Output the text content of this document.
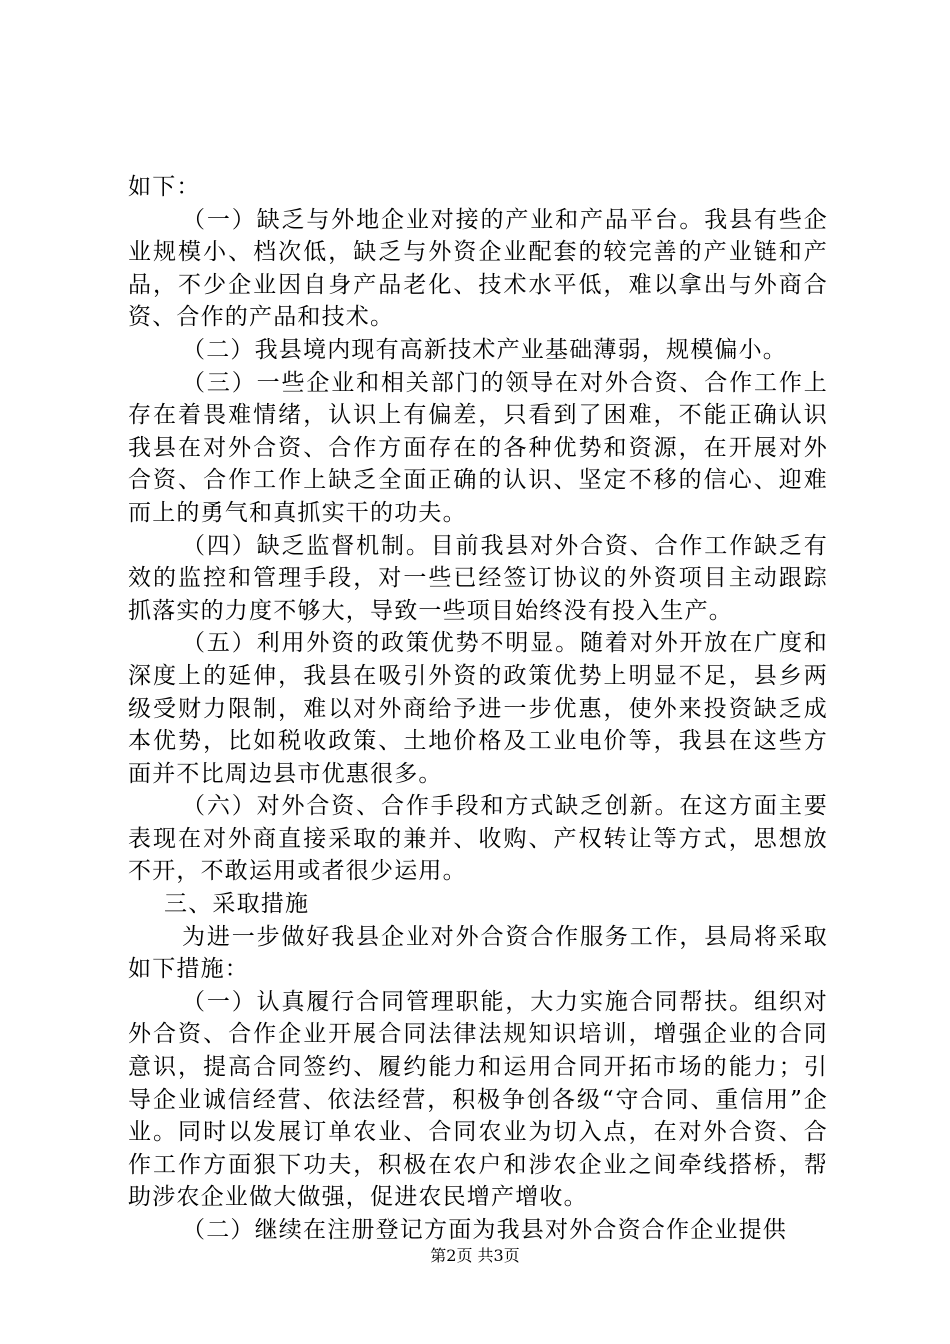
如下：

（一）缺乏与外地企业对接的产业和产品平台。我县有些企业规模小、档次低，缺乏与外资企业配套的较完善的产业链和产品，不少企业因自身产品老化、技术水平低，难以拿出与外商合资、合作的产品和技术。

（二）我县境内现有高新技术产业基础薄弱，规模偏小。

（三）一些企业和相关部门的领导在对外合资、合作工作上存在着畏难情绪，认识上有偏差，只看到了困难，不能正确认识我县在对外合资、合作方面存在的各种优势和资源，在开展对外合资、合作工作上缺乏全面正确的认识、坚定不移的信心、迎难而上的勇气和真抓实干的功夫。

（四）缺乏监督机制。目前我县对外合资、合作工作缺乏有效的监控和管理手段，对一些已经签订协议的外资项目主动跟踪抓落实的力度不够大，导致一些项目始终没有投入生产。

（五）利用外资的政策优势不明显。随着对外开放在广度和深度上的延伸，我县在吸引外资的政策优势上明显不足，县乡两级受财力限制，难以对外商给予进一步优惠，使外来投资缺乏成本优势，比如税收政策、土地价格及工业电价等，我县在这些方面并不比周边县市优惠很多。

（六）对外合资、合作手段和方式缺乏创新。在这方面主要表现在对外商直接采取的兼并、收购、产权转让等方式，思想放不开，不敢运用或者很少运用。

三、采取措施

为进一步做好我县企业对外合资合作服务工作，县局将采取如下措施：

（一）认真履行合同管理职能，大力实施合同帮扶。组织对外合资、合作企业开展合同法律法规知识培训，增强企业的合同意识，提高合同签约、履约能力和运用合同开拓市场的能力；引导企业诚信经营、依法经营，积极争创各级“守合同、重信用”企业。同时以发展订单农业、合同农业为切入点，在对外合资、合作工作方面狠下功夫，积极在农户和涉农企业之间牵线搭桥，帮助涉农企业做大做强，促进农民增产增收。

（二）继续在注册登记方面为我县对外合资合作企业提供

第2页 共3页
